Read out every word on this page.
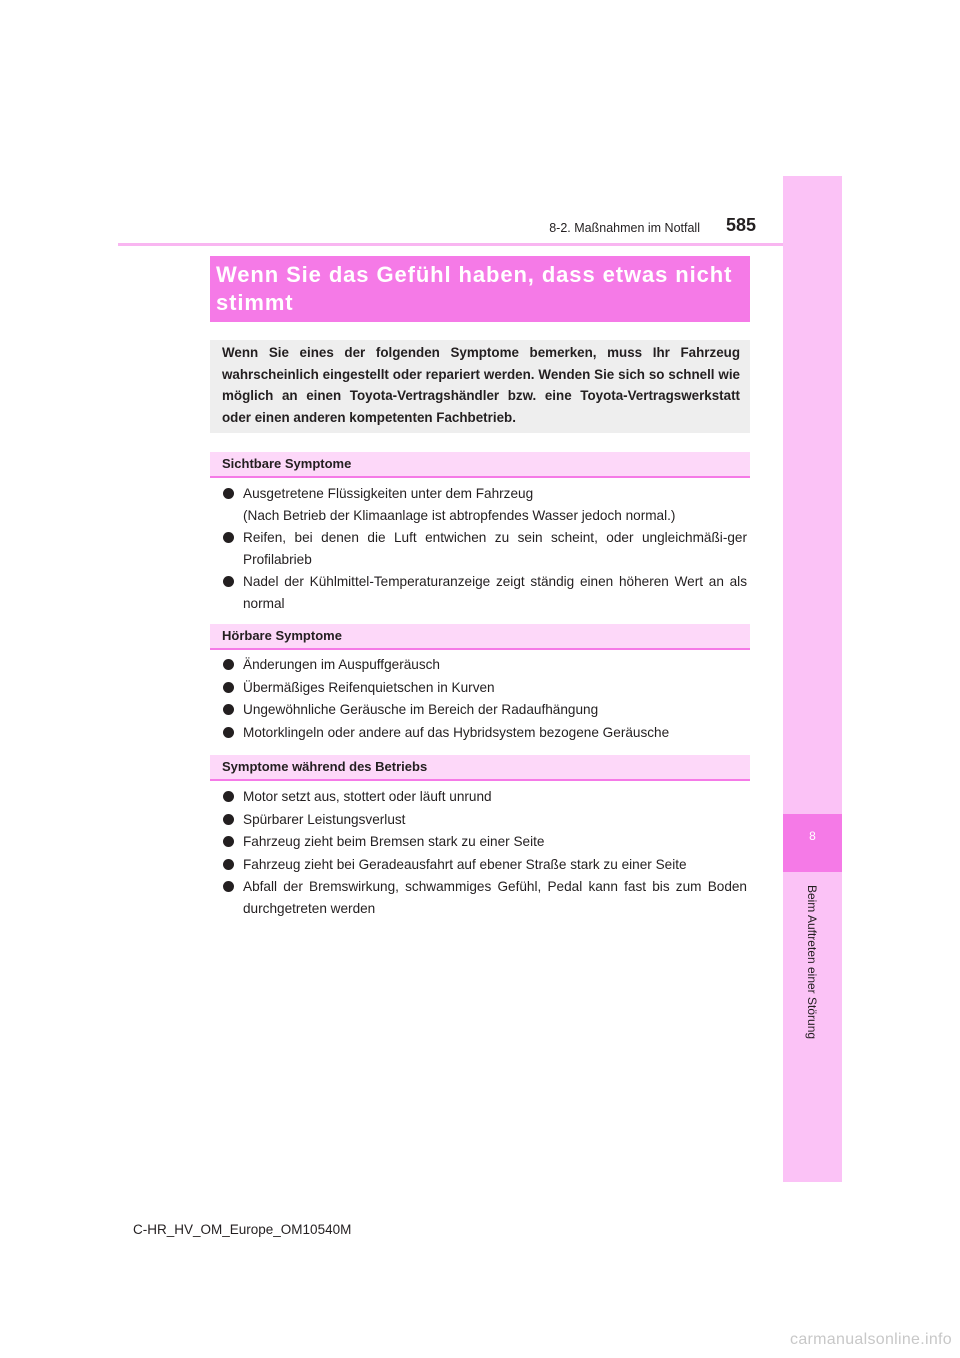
585
8-2. Maßnahmen im Notfall
8
Beim Auftreten einer Störung
Wenn Sie das Gefühl haben, dass etwas nicht stimmt

Wenn Sie eines der folgenden Symptome bemerken, muss Ihr Fahrzeug wahrscheinlich eingestellt oder repariert werden. Wenden Sie sich so schnell wie möglich an einen Toyota-Vertragshändler bzw. eine Toyota-Vertragswerkstatt oder einen anderen kompetenten Fachbetrieb.

Sichtbare Symptome
Ausgetretene Flüssigkeiten unter dem Fahrzeug
(Nach Betrieb der Klimaanlage ist abtropfendes Wasser jedoch normal.)
Reifen, bei denen die Luft entwichen zu sein scheint, oder ungleichmäßi-ger Profilabrieb
Nadel der Kühlmittel-Temperaturanzeige zeigt ständig einen höheren Wert an als normal
Hörbare Symptome
Änderungen im Auspuffgeräusch
Übermäßiges Reifenquietschen in Kurven
Ungewöhnliche Geräusche im Bereich der Radaufhängung
Motorklingeln oder andere auf das Hybridsystem bezogene Geräusche
Symptome während des Betriebs
Motor setzt aus, stottert oder läuft unrund
Spürbarer Leistungsverlust
Fahrzeug zieht beim Bremsen stark zu einer Seite
Fahrzeug zieht bei Geradeausfahrt auf ebener Straße stark zu einer Seite
Abfall der Bremswirkung, schwammiges Gefühl, Pedal kann fast bis zum Boden durchgetreten werden
C-HR_HV_OM_Europe_OM10540M
carmanualsonline.info
